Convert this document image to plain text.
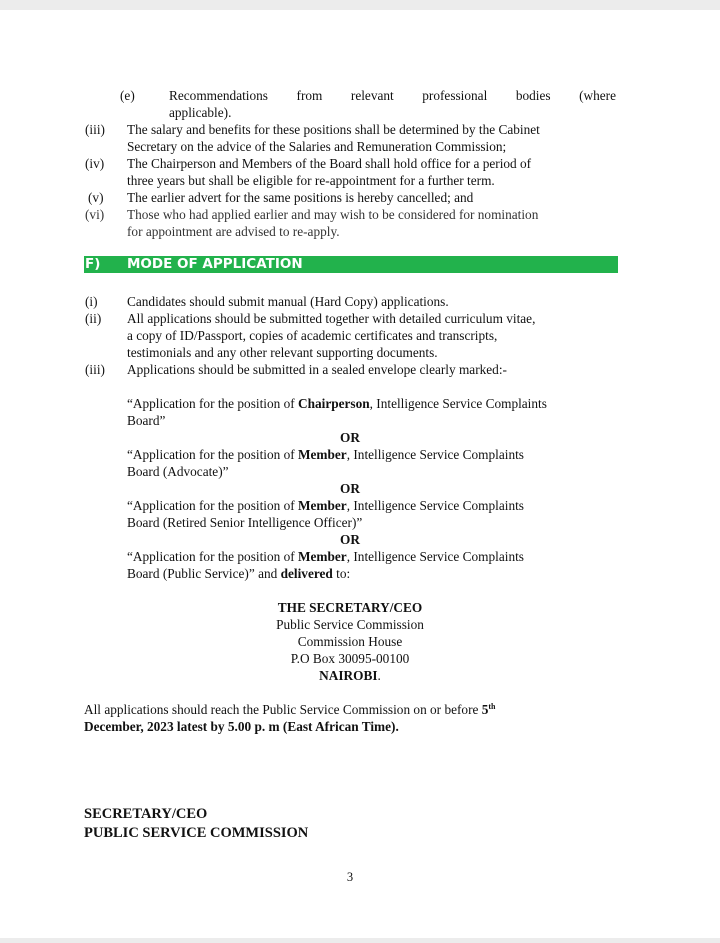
(e)	Recommendations from relevant professional bodies (where
applicable).
(iii) The salary and benefits for these positions shall be determined by the Cabinet
Secretary on the advice of the Salaries and Remuneration Commission;
(iv) The Chairperson and Members of the Board shall hold office for a period of
three years but shall be eligible for re-appointment for a further term.
(v) The earlier advert for the same positions is hereby cancelled; and
(vi) Those who had applied earlier and may wish to be considered for nomination
for appointment are advised to re-apply.
F) MODE OF APPLICATION
(i) Candidates should submit manual (Hard Copy) applications.
(ii) All applications should be submitted together with detailed curriculum vitae,
a copy of ID/Passport, copies of academic certificates and transcripts,
testimonials and any other relevant supporting documents.
(iii) Applications should be submitted in a sealed envelope clearly marked:-
“Application for the position of Chairperson, Intelligence Service Complaints
Board”
OR
“Application for the position of Member, Intelligence Service Complaints
Board (Advocate)”
OR
“Application for the position of Member, Intelligence Service Complaints
Board (Retired Senior Intelligence Officer)”
OR
“Application for the position of Member, Intelligence Service Complaints
Board (Public Service)” and delivered to:
THE SECRETARY/CEO
Public Service Commission
Commission House
P.O Box 30095-00100
NAIROBI.
All applications should reach the Public Service Commission on or before 5th
December, 2023 latest by 5.00 p. m (East African Time).
SECRETARY/CEO
PUBLIC SERVICE COMMISSION
3
